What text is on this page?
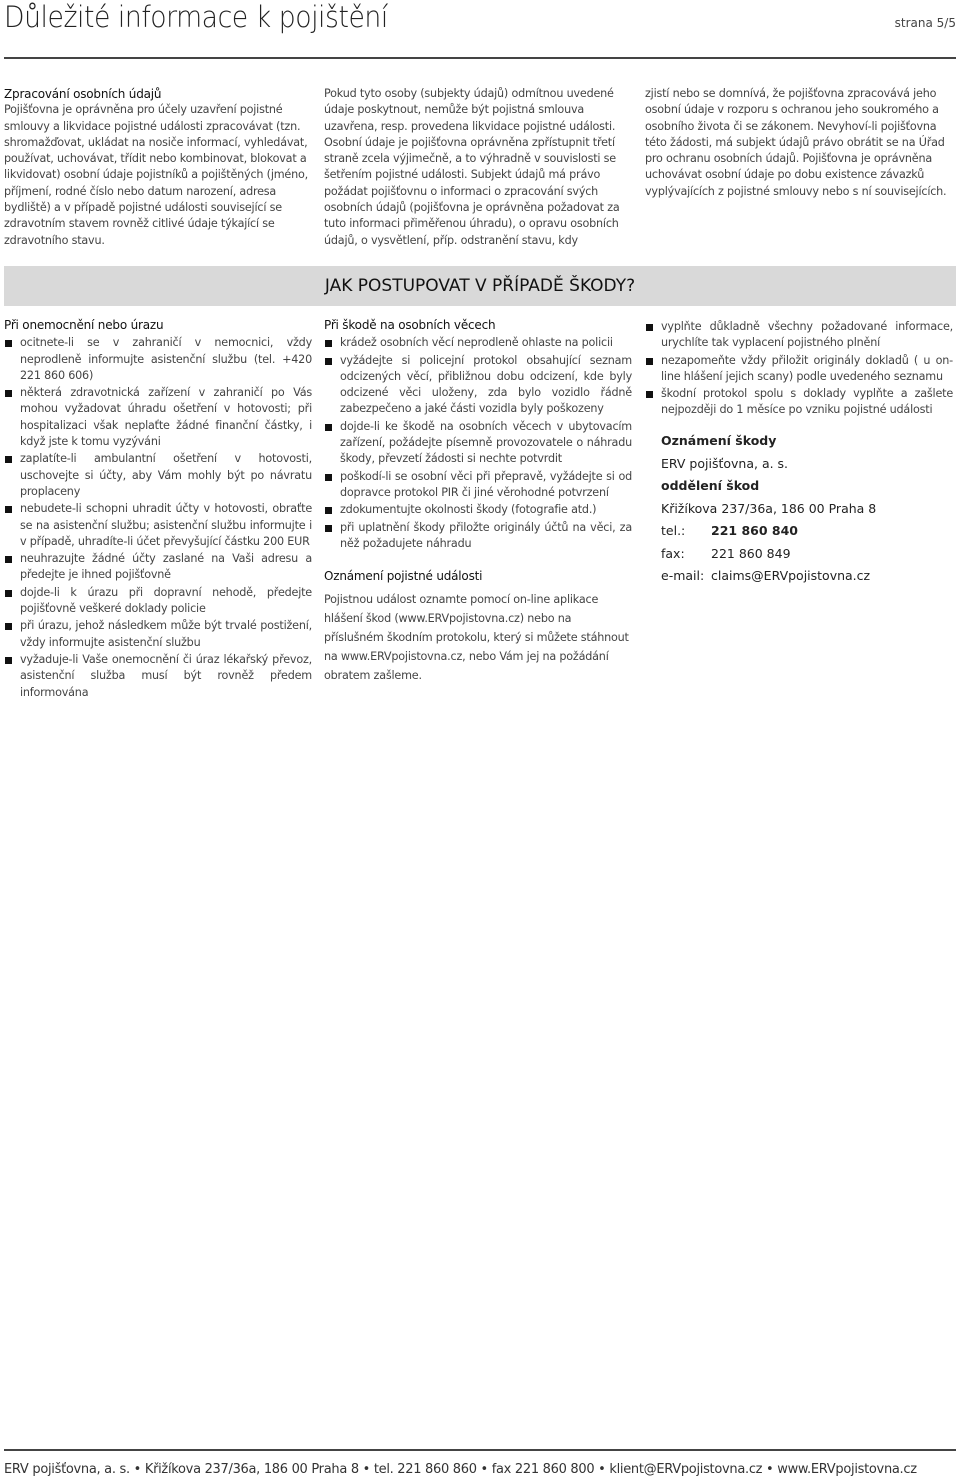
Důležité informace k pojištění	strana 5/5
Zpracování osobních údajů

Pojišťovna je oprávněna pro účely uzavření pojistné smlouvy a likvidace pojistné události zpracovávat (tzn. shromažďovat, ukládat na nosiče informací, vyhledávat, používat, uchovávat, třídit nebo kombinovat, blokovat a likvidovat) osobní údaje pojistníků a pojištěných (jméno, příjmení, rodné číslo nebo datum narození, adresa bydliště) a v případě pojistné události související se zdravotním stavem rovněž citlivé údaje týkající se zdravotního stavu.

Pokud tyto osoby (subjekty údajů) odmítnou uvedené údaje poskytnout, nemůže být pojistná smlouva uzavřena, resp. provedena likvidace pojistné události. Osobní údaje je pojišťovna oprávněna zpřístupnit třetí straně zcela výjimečně, a to výhradně v souvislosti se šetřením pojistné události. Subjekt údajů má právo požádat pojišťovnu o informaci o zpracování svých osobních údajů (pojišťovna je oprávněna požadovat za tuto informaci přiměřenou úhradu), o opravu osobních údajů, o vysvětlení, příp. odstranění stavu, kdy

zjistí nebo se domnívá, že pojišťovna zpracovává jeho osobní údaje v rozporu s ochranou jeho soukromého a osobního života či se zákonem. Nevyhoví-li pojišťovna této žádosti, má subjekt údajů právo obrátit se na Úřad pro ochranu osobních údajů. Pojišťovna je oprávněna uchovávat osobní údaje po dobu existence závazků vyplývajících z pojistné smlouvy nebo s ní souvisejících.

JAK POSTUPOVAT V PŘÍPADĚ ŠKODY?
Při onemocnění nebo úrazu
ocitnete-li se v zahraničí v nemocnici, vždy neprodleně informujte asistenční službu (tel. +420 221 860 606)
některá zdravotnická zařízení v zahraničí po Vás mohou vyžadovat úhradu ošetření v hotovosti; při hospitalizaci však neplaťte žádné finanční částky, i když jste k tomu vyzýváni
zaplatíte-li ambulantní ošetření v hotovosti, uschovejte si účty, aby Vám mohly být po návratu proplaceny
nebudete-li schopni uhradit účty v hotovosti, obraťte se na asistenční službu; asistenční službu informujte i v případě, uhradíte-li účet převyšující částku 200 EUR
neuhrazujte žádné účty zaslané na Vaši adresu a předejte je ihned pojišťovně
dojde-li k úrazu při dopravní nehodě, předejte pojišťovně veškeré doklady policie
při úrazu, jehož následkem může být trvalé postižení, vždy informujte asistenční službu
vyžaduje-li Vaše onemocnění či úraz lékařský převoz, asistenční služba musí být rovněž předem informována
Při škodě na osobních věcech
krádež osobních věcí neprodleně ohlaste na policii
vyžádejte si policejní protokol obsahující seznam odcizených věcí, přibližnou dobu odcizení, kde byly odcizené věci uloženy, zda bylo vozidlo řádně zabezpečeno a jaké části vozidla byly poškozeny
dojde-li ke škodě na osobních věcech v ubytovacím zařízení, požádejte písemně provozovatele o náhradu škody, převzetí žádosti si nechte potvrdit
poškodí-li se osobní věci při přepravě, vyžádejte si od dopravce protokol PIR či jiné věrohodné potvrzení
zdokumentujte okolnosti škody (fotografie atd.)
při uplatnění škody přiložte originály účtů na věci, za něž požadujete náhradu
Oznámení pojistné události

Pojistnou událost oznamte pomocí on-line aplikace hlášení škod (www.ERVpojistovna.cz) nebo na příslušném škodním protokolu, který si můžete stáhnout na www.ERVpojistovna.cz, nebo Vám jej na požádání obratem zašleme.

vyplňte důkladně všechny požadované informace, urychlíte tak vyplacení pojistného plnění
nezapomeňte vždy přiložit originály dokladů ( u on-line hlášení jejich scany) podle uvedeného seznamu
škodní protokol spolu s doklady vyplňte a zašlete nejpozději do 1 měsíce po vzniku pojistné události
Oznámení škody
ERV pojišťovna, a. s.
oddělení škod
Křižíkova 237/36a, 186 00 Praha 8
tel.: 221 860 840
fax: 221 860 849
e-mail: claims@ERVpojistovna.cz
ERV pojišťovna, a. s. • Křižíkova 237/36a, 186 00 Praha 8 • tel. 221 860 860 • fax 221 860 800 • klient@ERVpojistovna.cz • www.ERVpojistovna.cz
